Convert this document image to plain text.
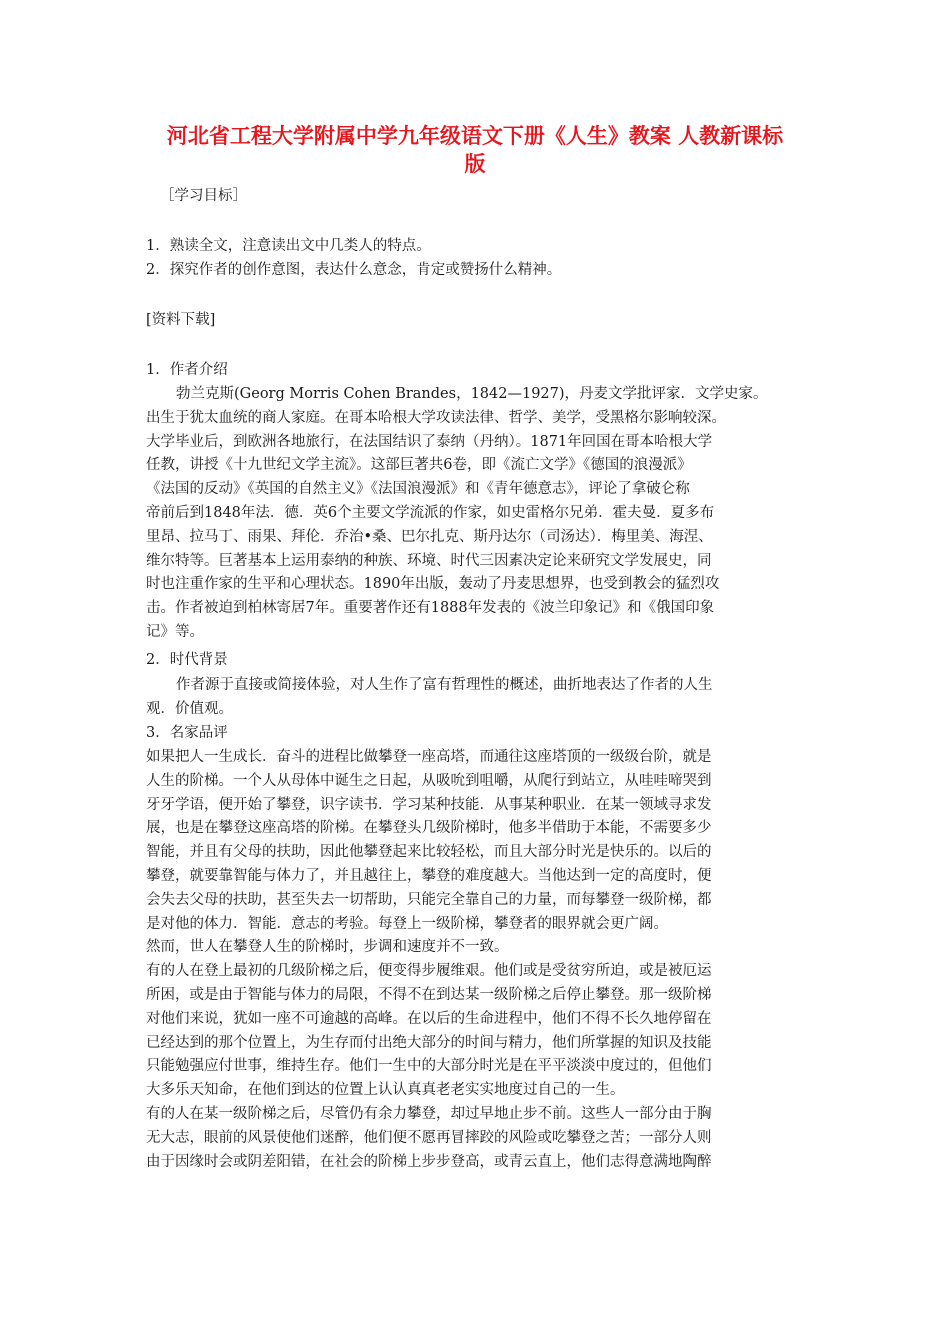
河北省工程大学附属中学九年级语文下册《人生》教案 人教新课标
版
［学习目标］
1．熟读全文，注意读出文中几类人的特点。
2．探究作者的创作意图，表达什么意念，肯定或赞扬什么精神。
[资料下载]
1．作者介绍
勃兰克斯(Georg Morris Cohen Brandes，1842—1927)，丹麦文学批评家．文学史家。
出生于犹太血统的商人家庭。在哥本哈根大学攻读法律、哲学、美学，受黑格尔影响较深。
大学毕业后，到欧洲各地旅行，在法国结识了泰纳（丹纳）。1871年回国在哥本哈根大学
任教，讲授《十九世纪文学主流》。这部巨著共6卷，即《流亡文学》《德国的浪漫派》
《法国的反动》《英国的自然主义》《法国浪漫派》和《青年德意志》，评论了拿破仑称
帝前后到1848年法．德．英6个主要文学流派的作家，如史雷格尔兄弟．霍夫曼．夏多布
里昂、拉马丁、雨果、拜伦．乔治•桑、巴尔扎克、斯丹达尔（司汤达）．梅里美、海涅、
维尔特等。巨著基本上运用泰纳的种族、环境、时代三因素决定论来研究文学发展史，同
时也注重作家的生平和心理状态。1890年出版，轰动了丹麦思想界，也受到教会的猛烈攻
击。作者被迫到柏林寄居7年。重要著作还有1888年发表的《波兰印象记》和《俄国印象
记》等。
2．时代背景
作者源于直接或简接体验，对人生作了富有哲理性的概述，曲折地表达了作者的人生
观．价值观。
3．名家品评
如果把人一生成长．奋斗的进程比做攀登一座高塔，而通往这座塔顶的一级级台阶，就是
人生的阶梯。一个人从母体中诞生之日起，从吸吮到咀嚼，从爬行到站立，从哇哇啼哭到
牙牙学语，便开始了攀登，识字读书．学习某种技能．从事某种职业．在某一领域寻求发
展，也是在攀登这座高塔的阶梯。在攀登头几级阶梯时，他多半借助于本能，不需要多少
智能，并且有父母的扶助，因此他攀登起来比较轻松，而且大部分时光是快乐的。以后的
攀登，就要靠智能与体力了，并且越往上，攀登的难度越大。当他达到一定的高度时，便
会失去父母的扶助，甚至失去一切帮助，只能完全靠自己的力量，而每攀登一级阶梯，都
是对他的体力．智能．意志的考验。每登上一级阶梯，攀登者的眼界就会更广阔。
然而，世人在攀登人生的阶梯时，步调和速度并不一致。
有的人在登上最初的几级阶梯之后，便变得步履维艰。他们或是受贫穷所迫，或是被厄运
所困，或是由于智能与体力的局限，不得不在到达某一级阶梯之后停止攀登。那一级阶梯
对他们来说，犹如一座不可逾越的高峰。在以后的生命进程中，他们不得不长久地停留在
已经达到的那个位置上，为生存而付出绝大部分的时间与精力，他们所掌握的知识及技能
只能勉强应付世事，维持生存。他们一生中的大部分时光是在平平淡淡中度过的，但他们
大多乐天知命，在他们到达的位置上认认真真老老实实地度过自己的一生。
有的人在某一级阶梯之后，尽管仍有余力攀登，却过早地止步不前。这些人一部分由于胸
无大志，眼前的风景使他们迷醉，他们便不愿再冒摔跤的风险或吃攀登之苦；一部分人则
由于因缘时会或阴差阳错，在社会的阶梯上步步登高，或青云直上，他们志得意满地陶醉
